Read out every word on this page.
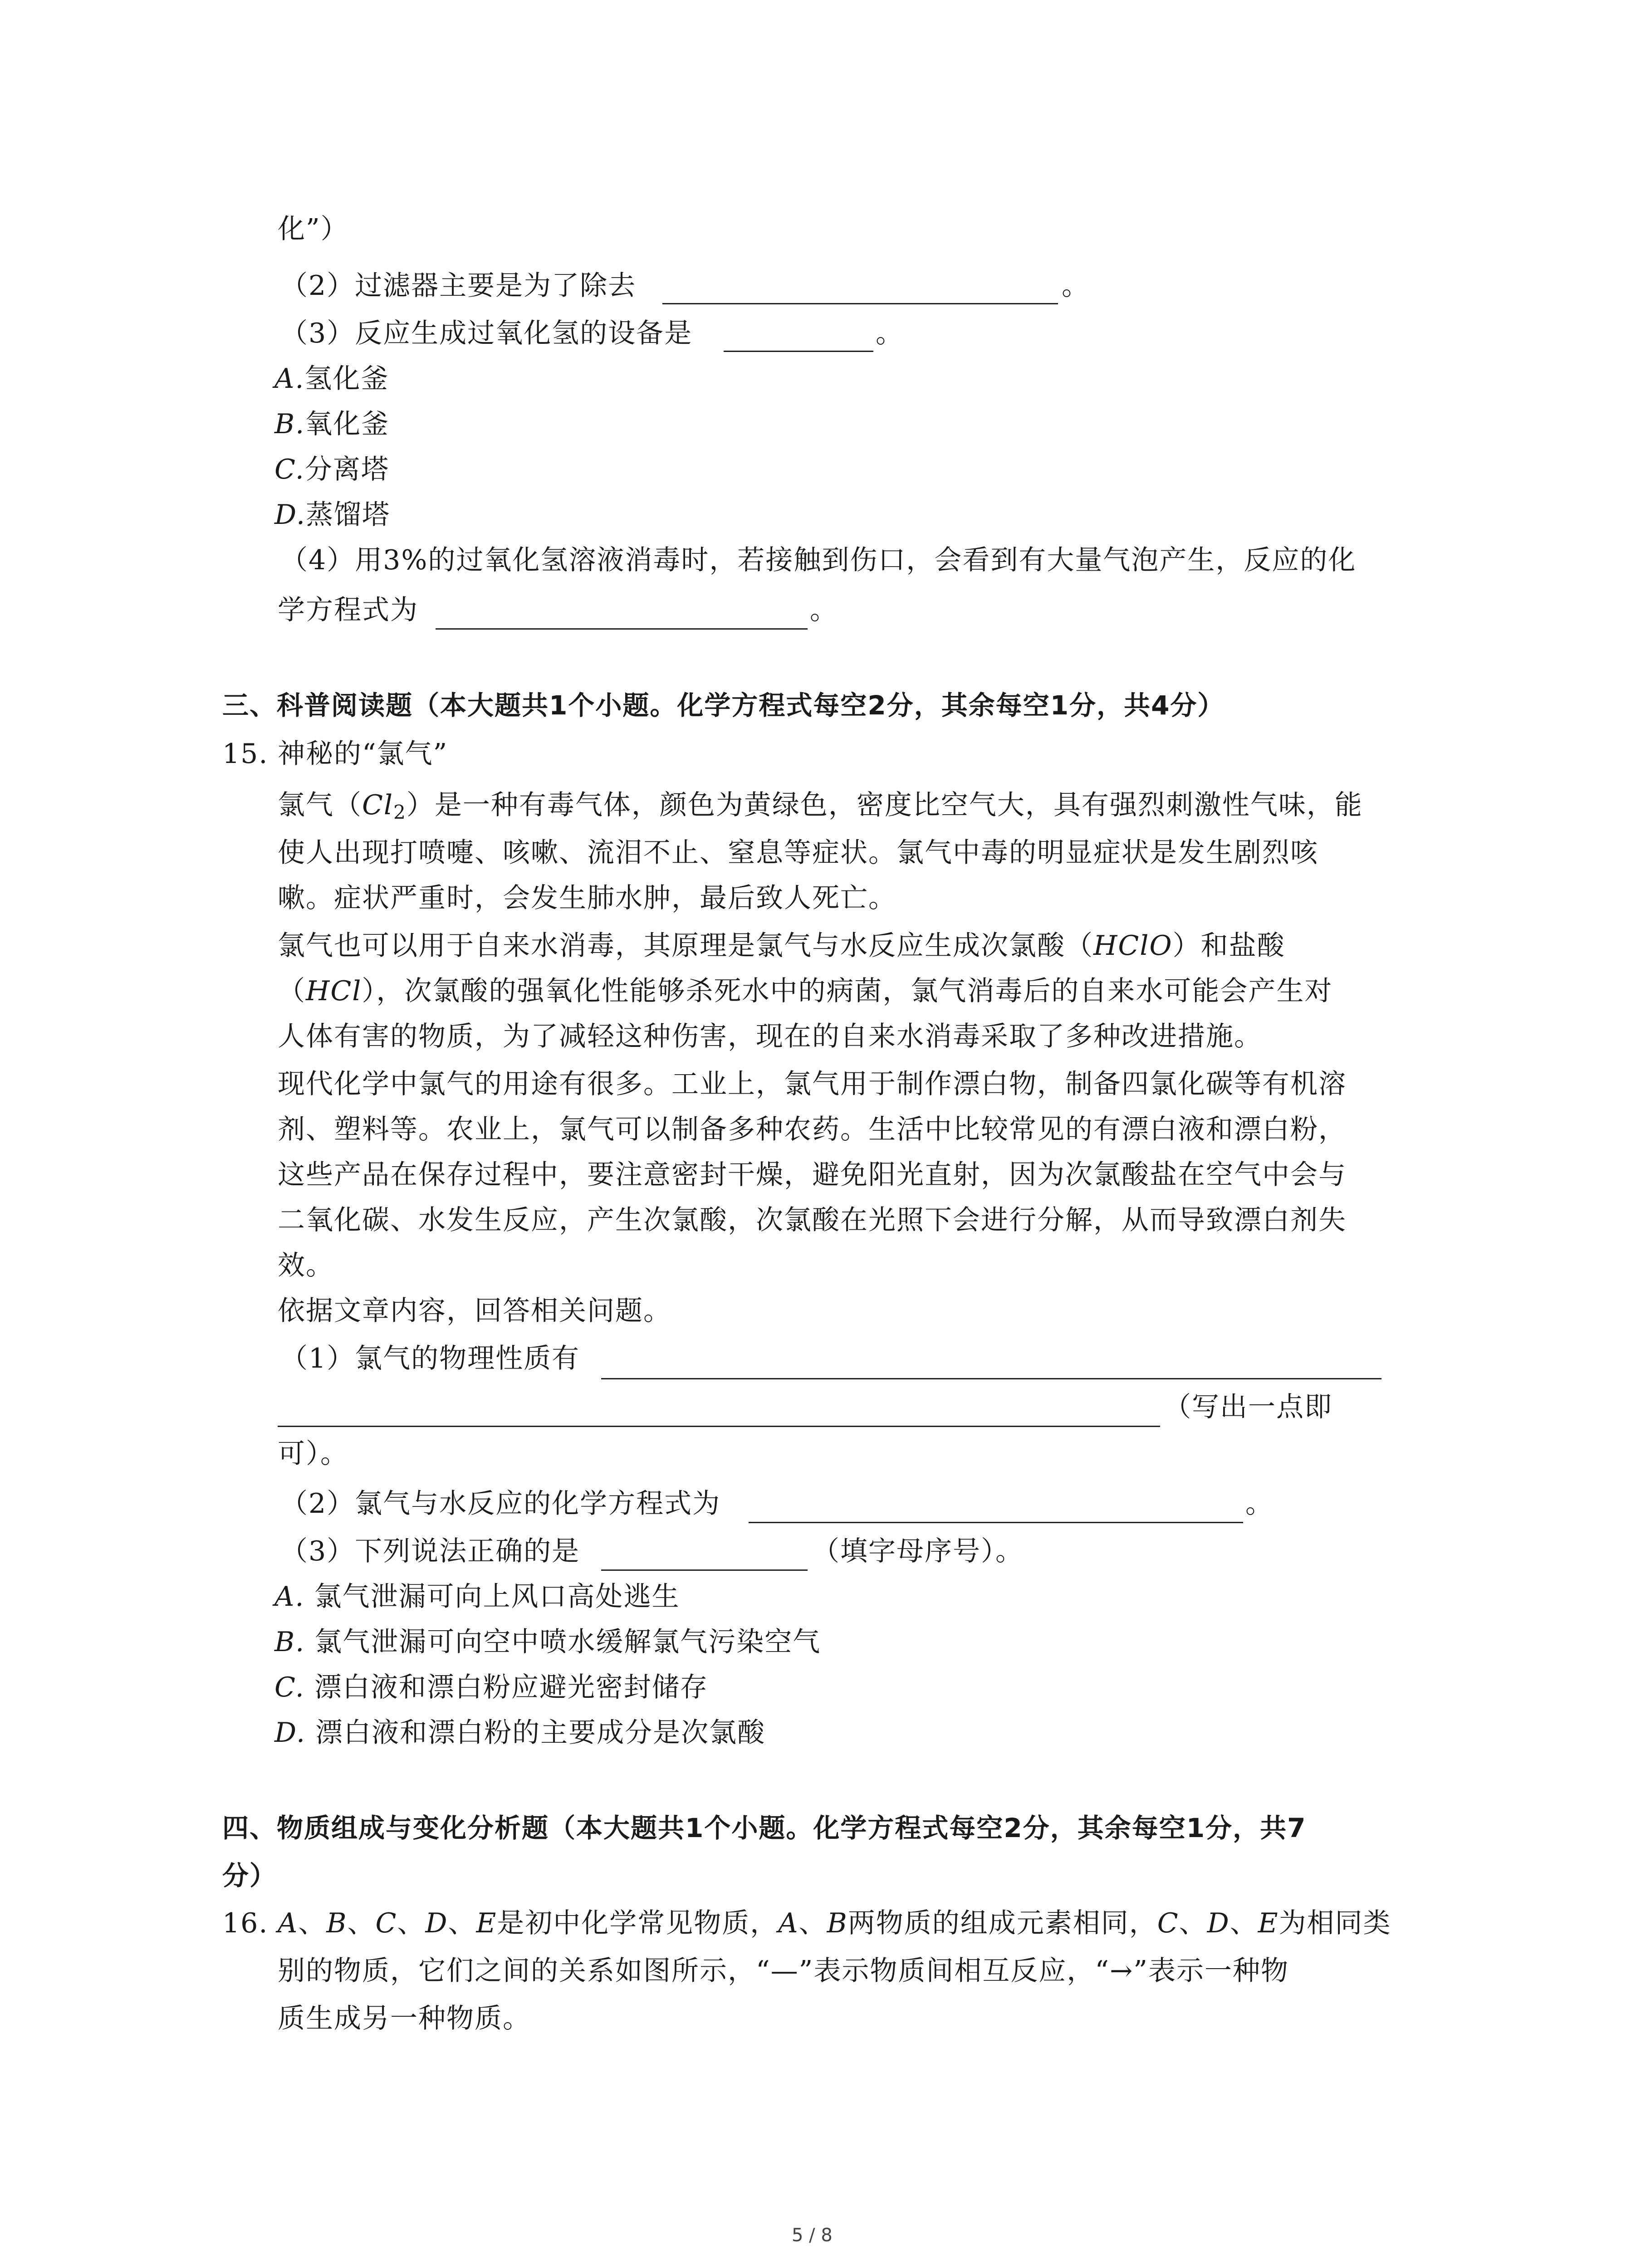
化”）
（2）过滤器主要是为了除去	。
（3）反应生成过氧化氢的设备是	。
A.氢化釜
B.氧化釜
C.分离塔
D.蒸馏塔
（4）用3%的过氧化氢溶液消毒时，若接触到伤口，会看到有大量气泡产生，反应的化
学方程式为	。
三、科普阅读题（本大题共1个小题。化学方程式每空2分，其余每空1分，共4分）
15. 神秘的“氯气”
氯气$(Cl_2)$是一种有毒气体，颜色为黄绿色，密度比空气大，具有强烈刺激性气味，能
使人出现打喷嚏、咳嗽、流泪不止、窒息等症状。氯气中毒的明显症状是发生剧烈咳
嗽。症状严重时，会发生肺水肿，最后致人死亡。
氯气也可以用于自来水消毒，其原理是氯气与水反应生成次氯酸（HClO）和盐酸
（HCl），次氯酸的强氧化性能够杀死水中的病菌，氯气消毒后的自来水可能会产生对
人体有害的物质，为了减轻这种伤害，现在的自来水消毒采取了多种改进措施。
现代化学中氯气的用途有很多。工业上，氯气用于制作漂白物，制备四氯化碳等有机溶
剂、塑料等。农业上，氯气可以制备多种农药。生活中比较常见的有漂白液和漂白粉，
这些产品在保存过程中，要注意密封干燥，避免阳光直射，因为次氯酸盐在空气中会与
二氧化碳、水发生反应，产生次氯酸，次氯酸在光照下会进行分解，从而导致漂白剂失
效。
依据文章内容，回答相关问题。
（1）氯气的物理性质有
（写出一点即
可）。
（2）氯气与水反应的化学方程式为	。
（3）下列说法正确的是	（填字母序号）。
A. 氯气泄漏可向上风口高处逃生
B. 氯气泄漏可向空中喷水缓解氯气污染空气
C. 漂白液和漂白粉应避光密封储存
D. 漂白液和漂白粉的主要成分是次氯酸
四、物质组成与变化分析题（本大题共1个小题。化学方程式每空2分，其余每空1分，共7
分）
16. A、B、C、D、E是初中化学常见物质，A、B两物质的组成元素相同，C、D、E为相同类
别的物质，它们之间的关系如图所示，“—”表示物质间相互反应，“→”表示一种物
质生成另一种物质。
5 / 8
